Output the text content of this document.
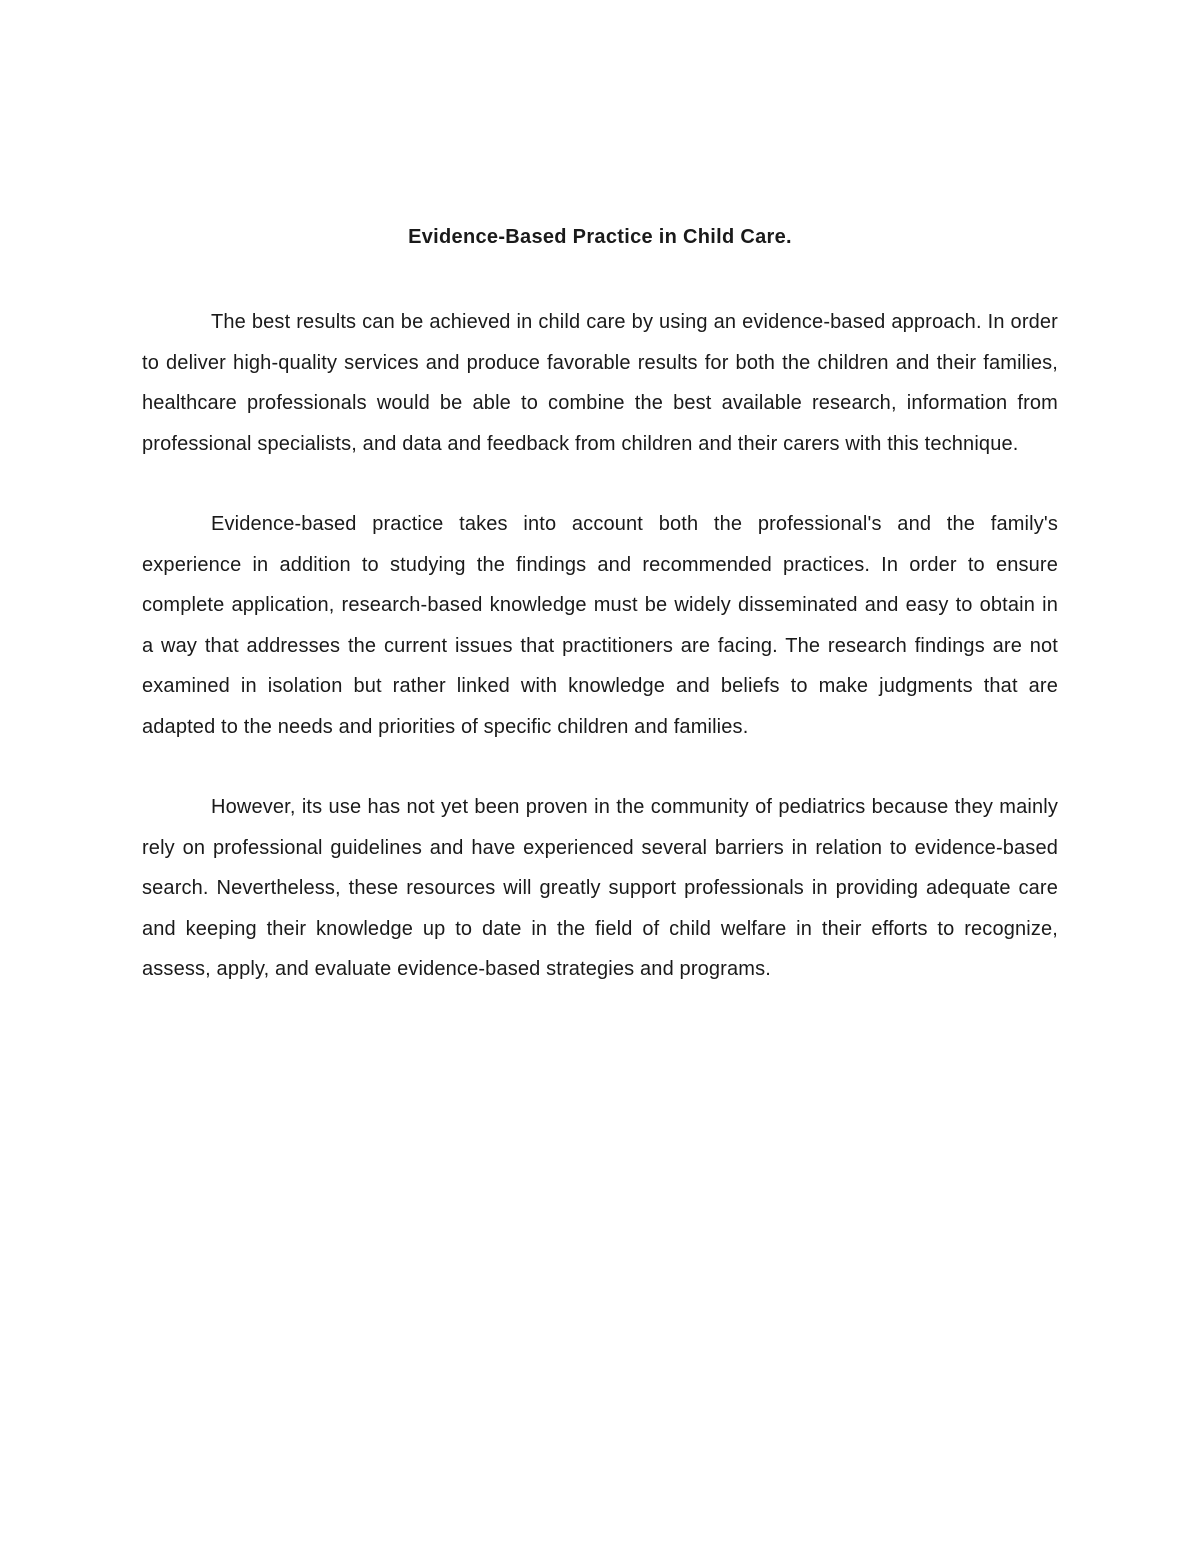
Evidence-Based Practice in Child Care.

The best results can be achieved in child care by using an evidence-based approach. In order to deliver high-quality services and produce favorable results for both the children and their families, healthcare professionals would be able to combine the best available research, information from professional specialists, and data and feedback from children and their carers with this technique.

Evidence-based practice takes into account both the professional's and the family's experience in addition to studying the findings and recommended practices. In order to ensure complete application, research-based knowledge must be widely disseminated and easy to obtain in a way that addresses the current issues that practitioners are facing. The research findings are not examined in isolation but rather linked with knowledge and beliefs to make judgments that are adapted to the needs and priorities of specific children and families.

However, its use has not yet been proven in the community of pediatrics because they mainly rely on professional guidelines and have experienced several barriers in relation to evidence-based search. Nevertheless, these resources will greatly support professionals in providing adequate care and keeping their knowledge up to date in the field of child welfare in their efforts to recognize, assess, apply, and evaluate evidence-based strategies and programs.
